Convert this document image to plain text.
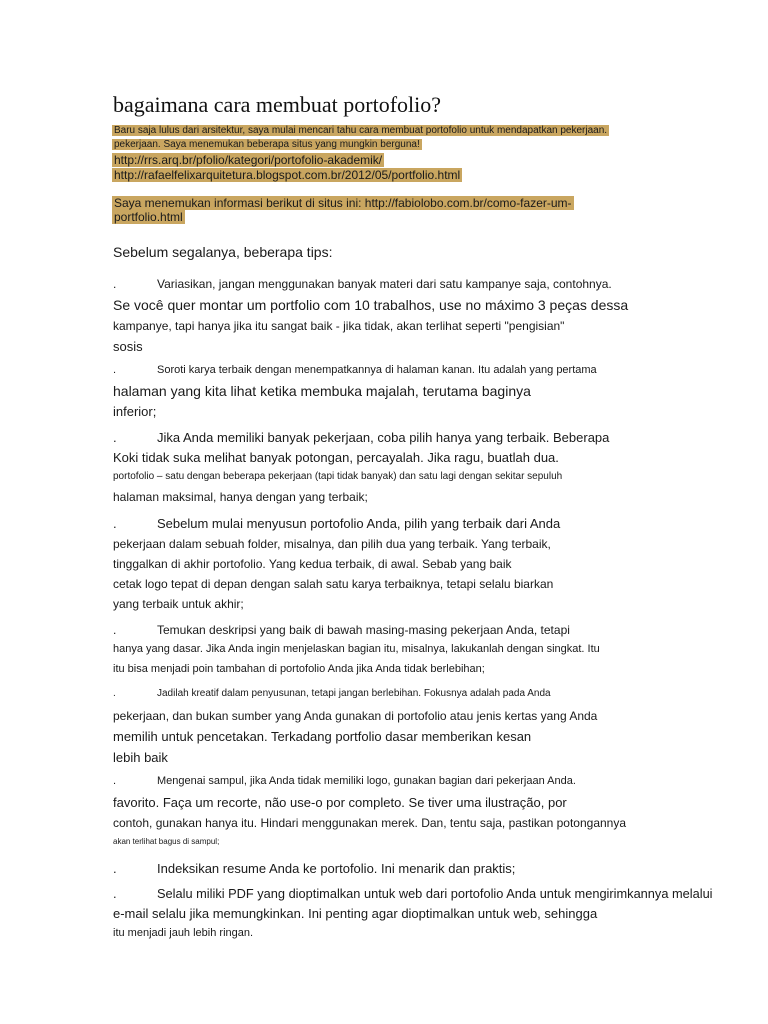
bagaimana cara membuat portofolio?
Baru saja lulus dari arsitektur, saya mulai mencari tahu cara membuat portofolio untuk mendapatkan pekerjaan.
pekerjaan. Saya menemukan beberapa situs yang mungkin berguna!
http://rrs.arq.br/pfolio/kategori/portofolio-akademik/
http://rafaelfelixarquitetura.blogspot.com.br/2012/05/portfolio.html
Saya menemukan informasi berikut di situs ini: http://fabiolobo.com.br/como-fazer-um-
portfolio.html
Sebelum segalanya, beberapa tips:
.	Variasikan, jangan menggunakan banyak materi dari satu kampanye saja, contohnya.
Se você quer montar um portfolio com 10 trabalhos, use no máximo 3 peças dessa
kampanye, tapi hanya jika itu sangat baik - jika tidak, akan terlihat seperti "pengisian"
sosis
.	Soroti karya terbaik dengan menempatkannya di halaman kanan. Itu adalah yang pertama
halaman yang kita lihat ketika membuka majalah, terutama baginya
inferior;
.	Jika Anda memiliki banyak pekerjaan, coba pilih hanya yang terbaik. Beberapa
Koki tidak suka melihat banyak potongan, percayalah. Jika ragu, buatlah dua.
portofolio – satu dengan beberapa pekerjaan (tapi tidak banyak) dan satu lagi dengan sekitar sepuluh
halaman maksimal, hanya dengan yang terbaik;
.	Sebelum mulai menyusun portofolio Anda, pilih yang terbaik dari Anda
pekerjaan dalam sebuah folder, misalnya, dan pilih dua yang terbaik. Yang terbaik,
tinggalkan di akhir portofolio. Yang kedua terbaik, di awal. Sebab yang baik
cetak logo tepat di depan dengan salah satu karya terbaiknya, tetapi selalu biarkan
yang terbaik untuk akhir;
.	Temukan deskripsi yang baik di bawah masing-masing pekerjaan Anda, tetapi
hanya yang dasar. Jika Anda ingin menjelaskan bagian itu, misalnya, lakukanlah dengan singkat. Itu
itu bisa menjadi poin tambahan di portofolio Anda jika Anda tidak berlebihan;
.	Jadilah kreatif dalam penyusunan, tetapi jangan berlebihan. Fokusnya adalah pada Anda
pekerjaan, dan bukan sumber yang Anda gunakan di portofolio atau jenis kertas yang Anda
memilih untuk pencetakan. Terkadang portfolio dasar memberikan kesan
lebih baik
.	Mengenai sampul, jika Anda tidak memiliki logo, gunakan bagian dari pekerjaan Anda.
favorito. Faça um recorte, não use-o por completo. Se tiver uma ilustração, por
contoh, gunakan hanya itu. Hindari menggunakan merek. Dan, tentu saja, pastikan potongannya
akan terlihat bagus di sampul;
.	Indeksikan resume Anda ke portofolio. Ini menarik dan praktis;
.	Selalu miliki PDF yang dioptimalkan untuk web dari portofolio Anda untuk mengirimkannya melalui
e-mail selalu jika memungkinkan. Ini penting agar dioptimalkan untuk web, sehingga
itu menjadi jauh lebih ringan.
